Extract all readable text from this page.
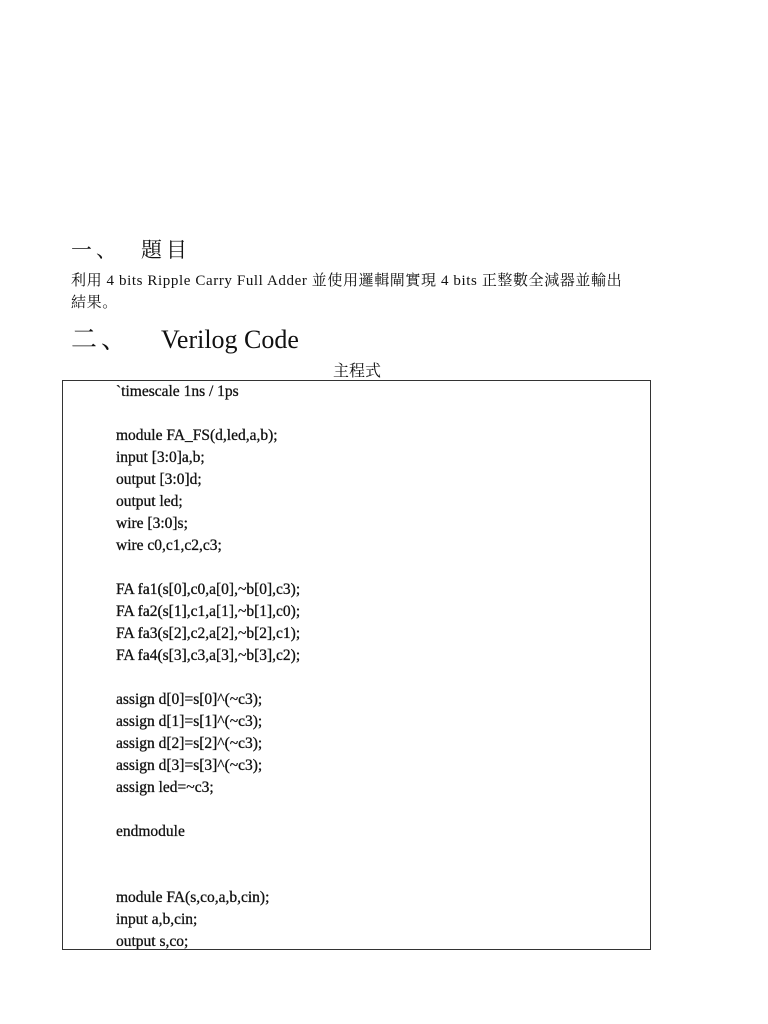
一、 題目
利用 4 bits Ripple Carry Full Adder 並使用邏輯閘實現 4 bits 正整數全減器並輸出
結果。
二、 Verilog Code
主程式
`timescale 1ns / 1ps
module FA_FS(d,led,a,b);
input [3:0]a,b;
output [3:0]d;
output led;
wire [3:0]s;
wire c0,c1,c2,c3;
FA fa1(s[0],c0,a[0],~b[0],c3);
FA fa2(s[1],c1,a[1],~b[1],c0);
FA fa3(s[2],c2,a[2],~b[2],c1);
FA fa4(s[3],c3,a[3],~b[3],c2);
assign d[0]=s[0]^(~c3);
assign d[1]=s[1]^(~c3);
assign d[2]=s[2]^(~c3);
assign d[3]=s[3]^(~c3);
assign led=~c3;
endmodule
module FA(s,co,a,b,cin);
input a,b,cin;
output s,co;
